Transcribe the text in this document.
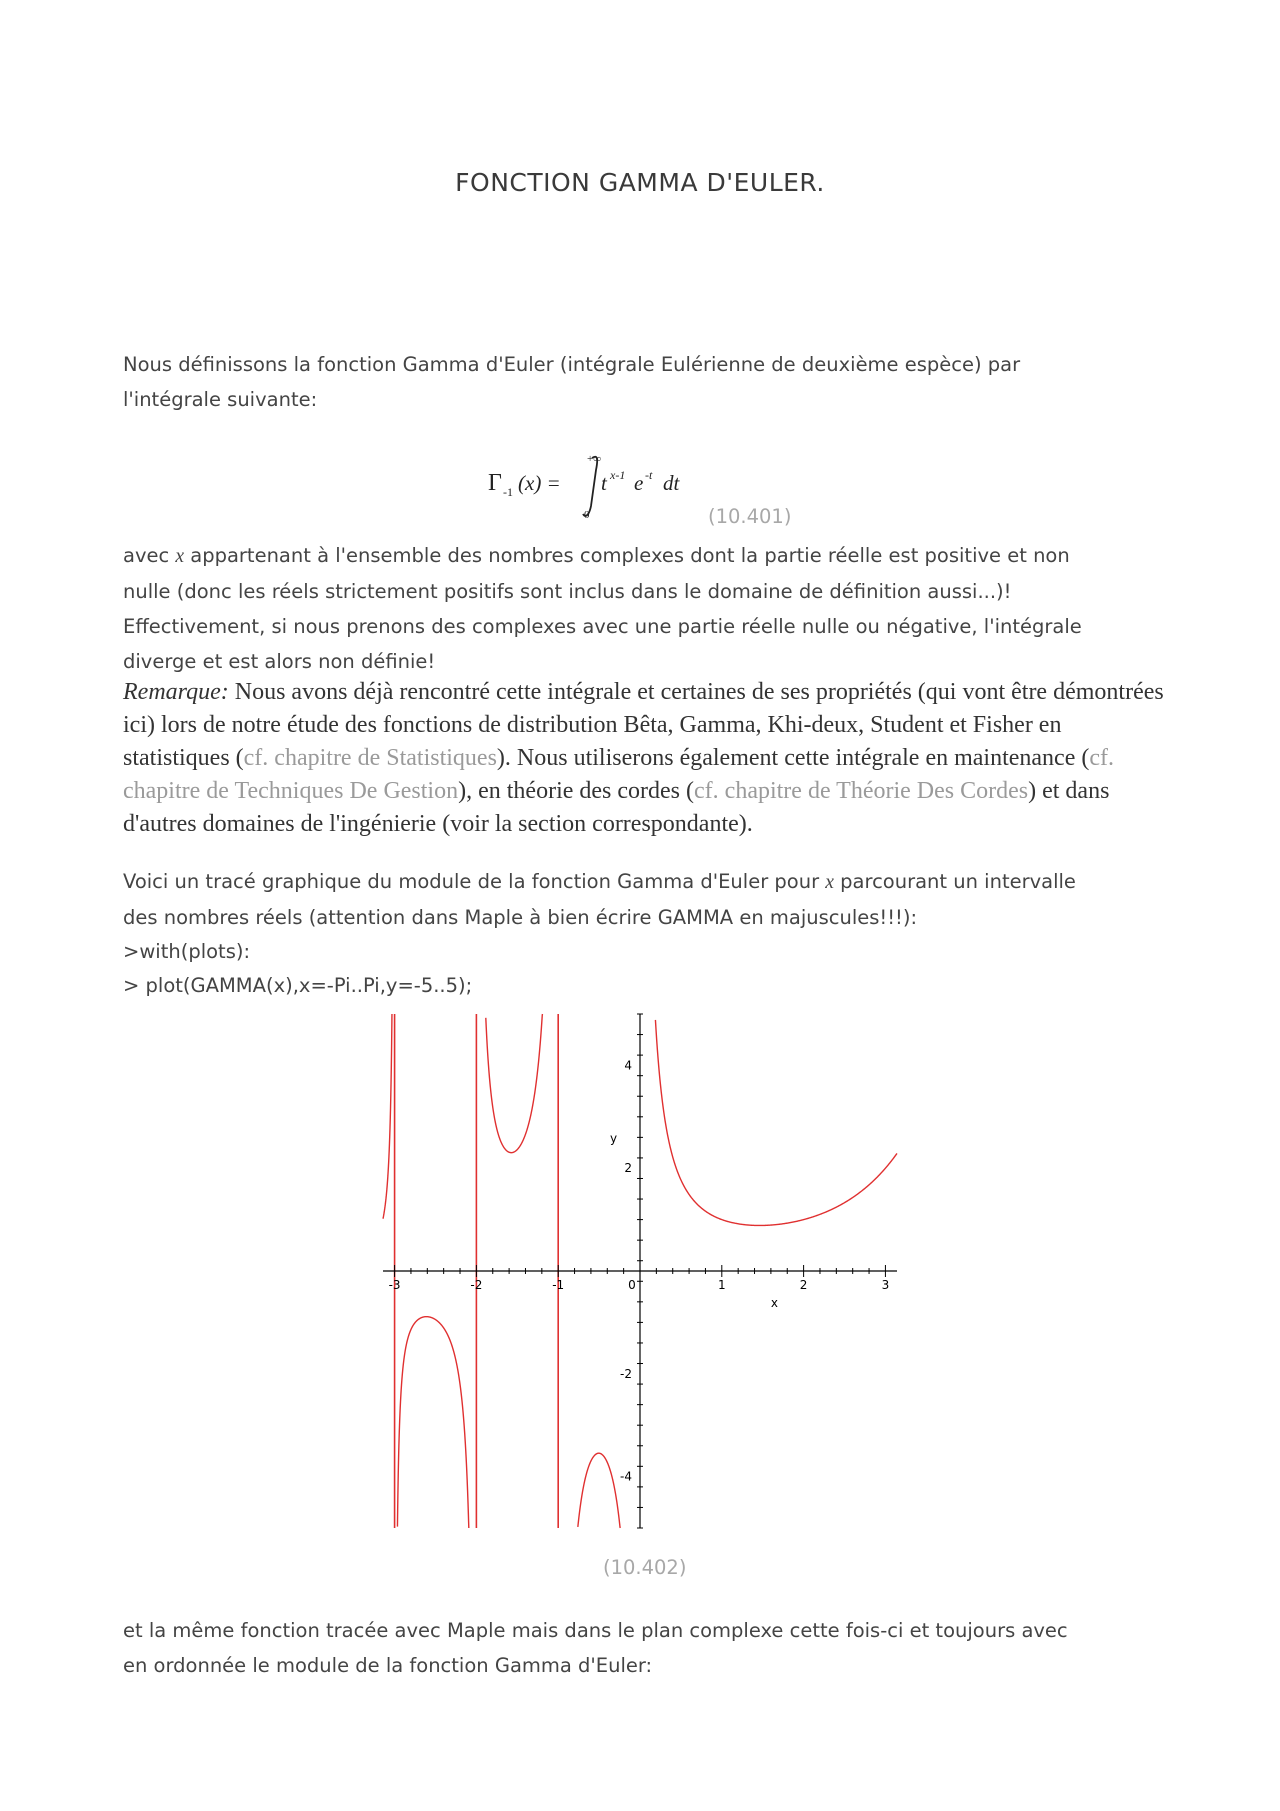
FONCTION GAMMA D'EULER.
Nous définissons la fonction Gamma d'Euler (intégrale Eulérienne de deuxième espèce) par
l'intégrale suivante:
Γ -1 (x) =
+∞
0
t x-1 e -t dt
(10.401)
avec x appartenant à l'ensemble des nombres complexes dont la partie réelle est positive et non
nulle (donc les réels strictement positifs sont inclus dans le domaine de définition aussi...)!
Effectivement, si nous prenons des complexes avec une partie réelle nulle ou négative, l'intégrale
diverge et est alors non définie!
Remarque: Nous avons déjà rencontré cette intégrale et certaines de ses propriétés (qui vont être démontrées ici) lors de notre étude des fonctions de distribution Bêta, Gamma, Khi-deux, Student et Fisher en statistiques (cf. chapitre de Statistiques). Nous utiliserons également cette intégrale en maintenance (cf. chapitre de Techniques De Gestion), en théorie des cordes (cf. chapitre de Théorie Des Cordes) et dans d'autres domaines de l'ingénierie (voir la section correspondante).
Voici un tracé graphique du module de la fonction Gamma d'Euler pour x parcourant un intervalle
des nombres réels (attention dans Maple à bien écrire GAMMA en majuscules!!!):
>with(plots):
> plot(GAMMA(x),x=-Pi..Pi,y=-5..5);
-3	-2	-1	0	1	2	3
4
2
-2
-4
x
y
(10.402)
et la même fonction tracée avec Maple mais dans le plan complexe cette fois-ci et toujours avec
en ordonnée le module de la fonction Gamma d'Euler:
